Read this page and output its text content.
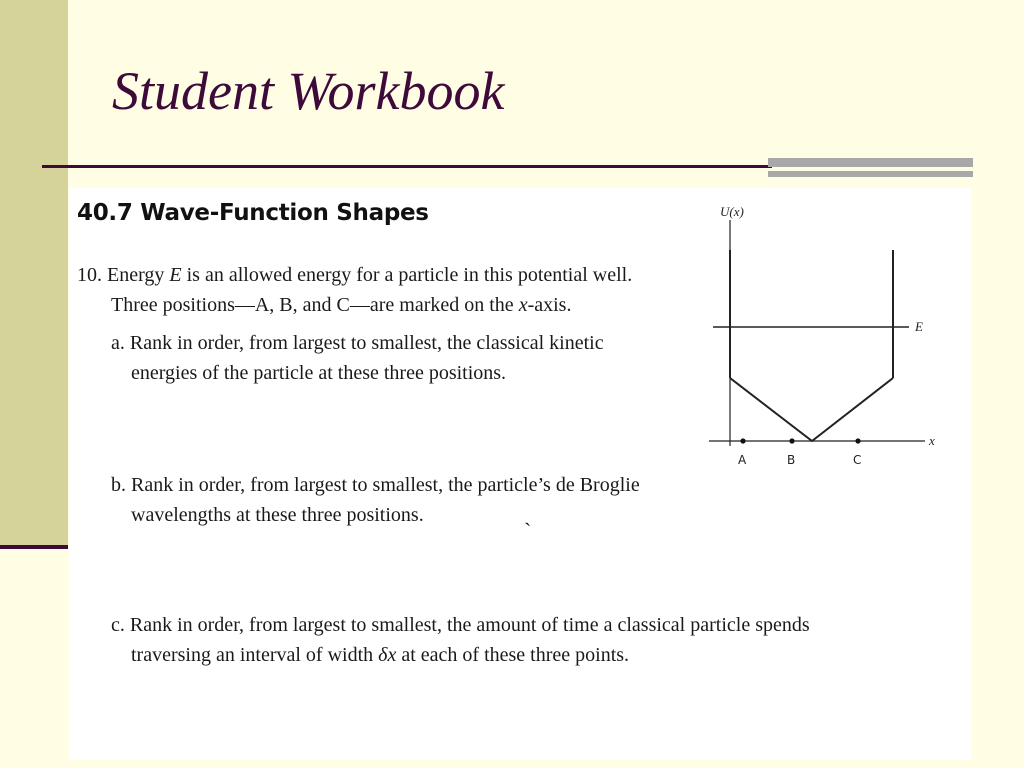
Student Workbook
40.7 Wave-Function Shapes
10. Energy E is an allowed energy for a particle in this potential well.
Three positions—A, B, and C—are marked on the x-axis.
a. Rank in order, from largest to smallest, the classical kinetic
energies of the particle at these three positions.
b. Rank in order, from largest to smallest, the particle’s de Broglie
wavelengths at these three positions.
`
c. Rank in order, from largest to smallest, the amount of time a classical particle spends
traversing an interval of width δx at each of these three points.
U(x)
x
E
A	B	C
